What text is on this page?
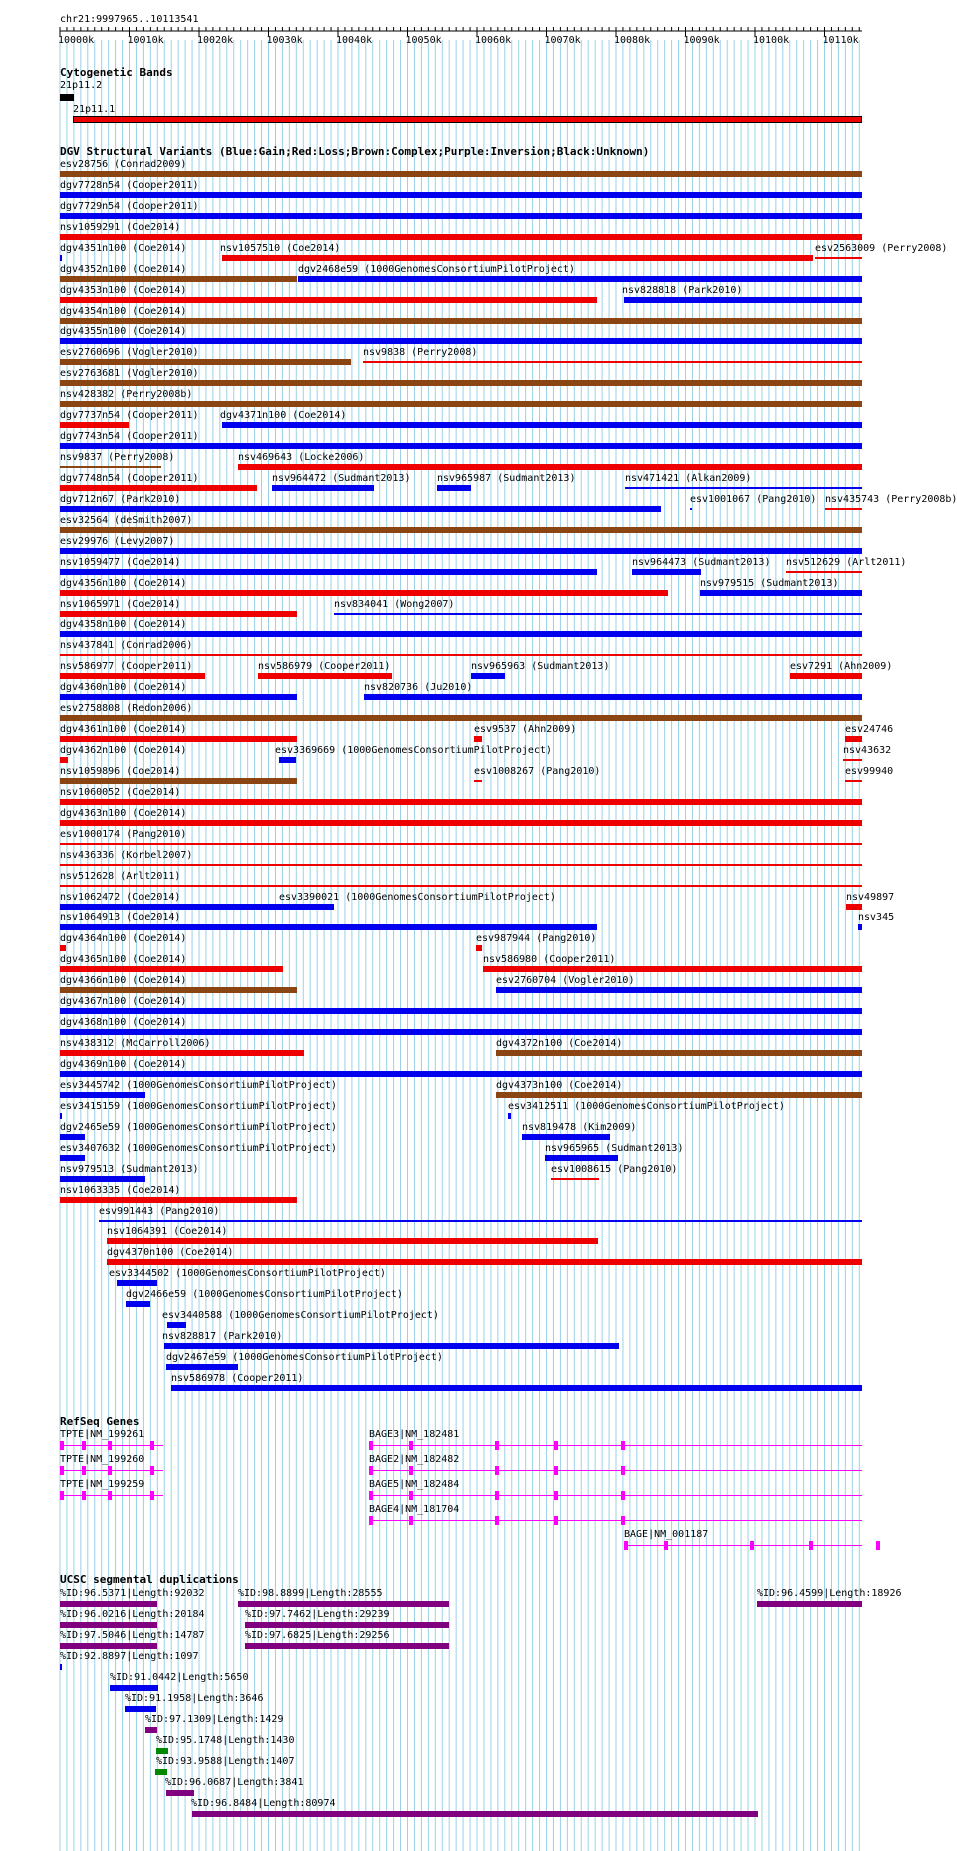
chr21:9997965..10113541
10000k	10010k	10020k	10030k	10040k	10050k	10060k	10070k	10080k	10090k	10100k	10110k
Cytogenetic Bands
21p11.2
21p11.1
DGV Structural Variants (Blue:Gain;Red:Loss;Brown:Complex;Purple:Inversion;Black:Unknown)
esv28756 (Conrad2009)
dgv7728n54 (Cooper2011)
dgv7729n54 (Cooper2011)
nsv1059291 (Coe2014)
dgv4351n100 (Coe2014)	nsv1057510 (Coe2014)	esv2563009 (Perry2008)
dgv4352n100 (Coe2014)	dgv2468e59 (1000GenomesConsortiumPilotProject)
dgv4353n100 (Coe2014)	nsv828818 (Park2010)
dgv4354n100 (Coe2014)
dgv4355n100 (Coe2014)
esv2760696 (Vogler2010)	nsv9838 (Perry2008)
esv2763681 (Vogler2010)
nsv428382 (Perry2008b)
dgv7737n54 (Cooper2011) dgv4371n100 (Coe2014)
dgv7743n54 (Cooper2011)
nsv9837 (Perry2008)	nsv469643 (Locke2006)
dgv7748n54 (Cooper2011)	nsv964472 (Sudmant2013)	nsv965987 (Sudmant2013)	nsv471421 (Alkan2009)
dgv712n67 (Park2010)	esv1001067 (Pang2010) nsv435743 (Perry2008b)
esv32564 (deSmith2007)
esv29976 (Levy2007)
nsv1059477 (Coe2014)	nsv964473 (Sudmant2013) nsv512629 (Arlt2011)
dgv4356n100 (Coe2014)	nsv979515 (Sudmant2013)
nsv1065971 (Coe2014)	nsv834041 (Wong2007)
dgv4358n100 (Coe2014)
nsv437841 (Conrad2006)
nsv586977 (Cooper2011)	nsv586979 (Cooper2011)	nsv965963 (Sudmant2013)	esv7291 (Ahn2009)
dgv4360n100 (Coe2014)	nsv820736 (Ju2010)
esv2758808 (Redon2006)
dgv4361n100 (Coe2014)	esv9537 (Ahn2009)	esv24746
dgv4362n100 (Coe2014)	esv3369669 (1000GenomesConsortiumPilotProject)	nsv43632
nsv1059896 (Coe2014)	esv1008267 (Pang2010)	esv99940
nsv1060052 (Coe2014)
dgv4363n100 (Coe2014)
esv1000174 (Pang2010)
nsv436336 (Korbel2007)
nsv512628 (Arlt2011)
nsv1062472 (Coe2014)	esv3390021 (1000GenomesConsortiumPilotProject)	nsv49897
nsv1064913 (Coe2014)	nsv345
dgv4364n100 (Coe2014)	esv987944 (Pang2010)
dgv4365n100 (Coe2014)	nsv586980 (Cooper2011)
dgv4366n100 (Coe2014)	esv2760704 (Vogler2010)
dgv4367n100 (Coe2014)
dgv4368n100 (Coe2014)
nsv438312 (McCarroll2006)	dgv4372n100 (Coe2014)
dgv4369n100 (Coe2014)
esv3445742 (1000GenomesConsortiumPilotProject)	dgv4373n100 (Coe2014)
esv3415159 (1000GenomesConsortiumPilotProject)	esv3412511 (1000GenomesConsortiumPilotProject)
dgv2465e59 (1000GenomesConsortiumPilotProject)	nsv819478 (Kim2009)
esv3407632 (1000GenomesConsortiumPilotProject)	nsv965965 (Sudmant2013)
nsv979513 (Sudmant2013)	esv1008615 (Pang2010)
nsv1063335 (Coe2014)
esv991443 (Pang2010)
nsv1064391 (Coe2014)
dgv4370n100 (Coe2014)
esv3344502 (1000GenomesConsortiumPilotProject)
dgv2466e59 (1000GenomesConsortiumPilotProject)
esv3440588 (1000GenomesConsortiumPilotProject)
nsv828817 (Park2010)
dgv2467e59 (1000GenomesConsortiumPilotProject)
nsv586978 (Cooper2011)
RefSeq Genes
TPTE|NM_199261
TPTE|NM_199260
TPTE|NM_199259
BAGE3|NM_182481
BAGE2|NM_182482
BAGE5|NM_182484
BAGE4|NM_181704
BAGE|NM_001187
UCSC segmental duplications
%ID:96.5371|Length:92032	%ID:98.8899|Length:28555	%ID:96.4599|Length:18926
%ID:96.0216|Length:20184	%ID:97.7462|Length:29239
%ID:97.5046|Length:14787	%ID:97.6825|Length:29256
%ID:92.8897|Length:1097
%ID:91.0442|Length:5650
%ID:91.1958|Length:3646
%ID:97.1309|Length:1429
%ID:95.1748|Length:1430
%ID:93.9588|Length:1407
%ID:96.0687|Length:3841
%ID:96.8484|Length:80974
